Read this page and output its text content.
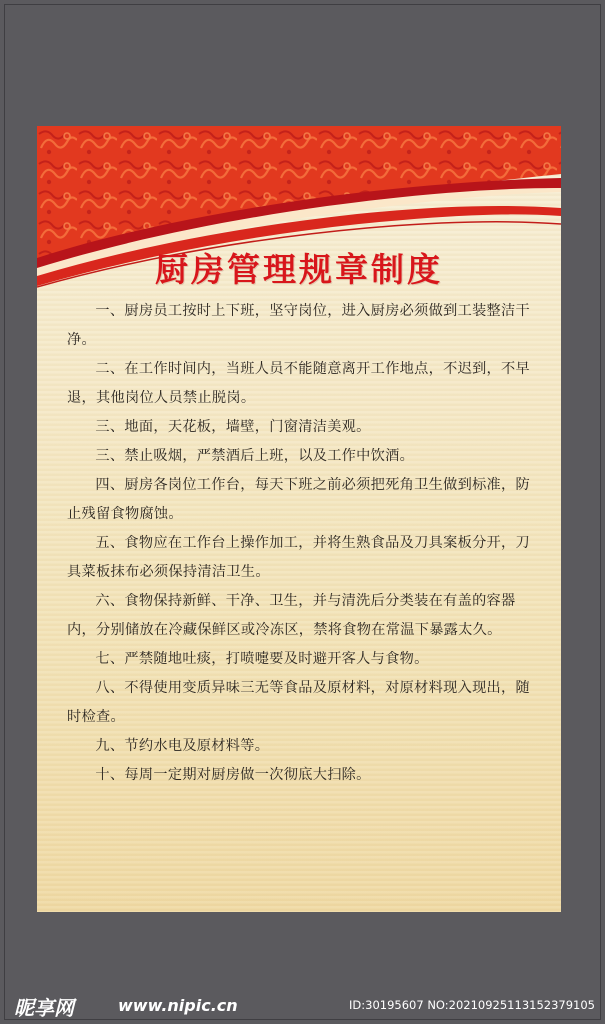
厨房管理规章制度

一、厨房员工按时上下班，坚守岗位，进入厨房必须做到工装整洁干净。

二、在工作时间内，当班人员不能随意离开工作地点，不迟到，不早退，其他岗位人员禁止脱岗。

三、地面，天花板，墙壁，门窗清洁美观。

三、禁止吸烟，严禁酒后上班，以及工作中饮酒。

四、厨房各岗位工作台，每天下班之前必须把死角卫生做到标准，防止残留食物腐蚀。

五、食物应在工作台上操作加工，并将生熟食品及刀具案板分开，刀具菜板抹布必须保持清洁卫生。

六、食物保持新鲜、干净、卫生，并与清洗后分类装在有盖的容器内，分别储放在冷藏保鲜区或冷冻区，禁将食物在常温下暴露太久。

七、严禁随地吐痰，打喷嚏要及时避开客人与食物。

八、不得使用变质异味三无等食品及原材料，对原材料现入现出，随时检查。

九、节约水电及原材料等。

十、每周一定期对厨房做一次彻底大扫除。

昵享网	www.nipic.cn	ID:30195607 NO:20210925113152379105
